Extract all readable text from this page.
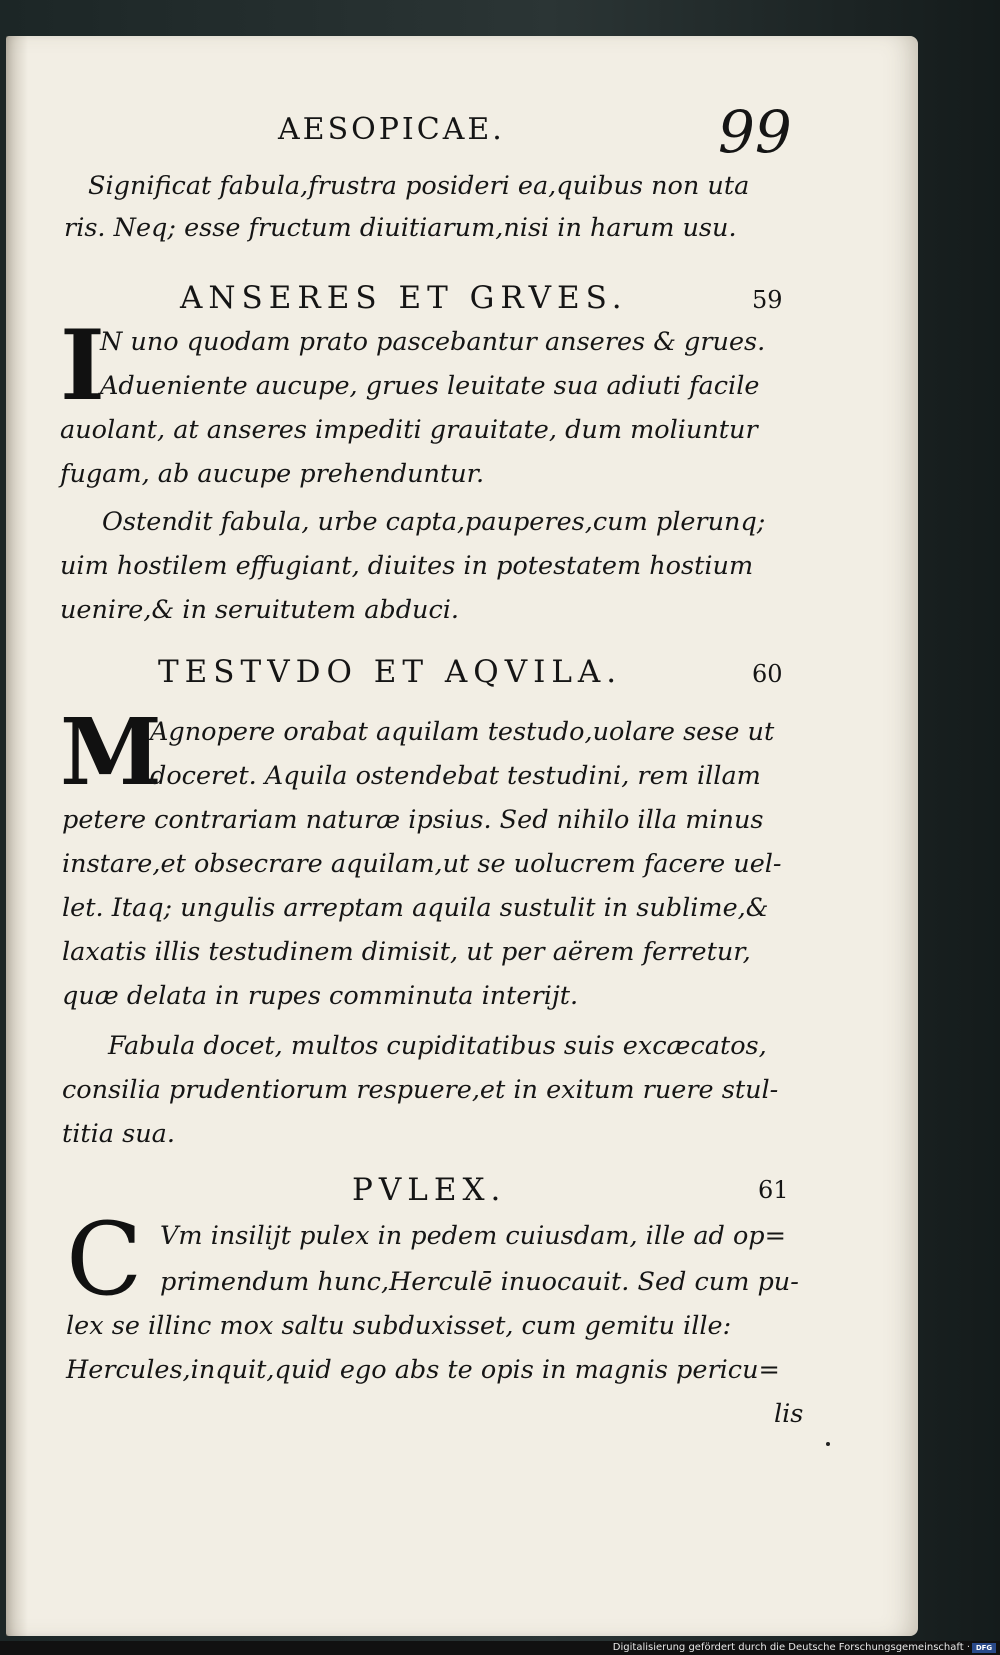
AESOPICAE.	99
Significat fabula,frustra posideri ea,quibus non uta
ris. Neq; esse fructum diuitiarum,nisi in harum usu.
ANSERES ET GRVES.	59
I
N uno quodam prato pascebantur anseres & grues.
Adueniente aucupe, grues leuitate sua adiuti facile
auolant, at anseres impediti grauitate, dum moliuntur
fugam, ab aucupe prehenduntur.
Ostendit fabula, urbe capta,pauperes,cum plerunq;
uim hostilem effugiant, diuites in potestatem hostium
uenire,& in seruitutem abduci.
TESTVDO ET AQVILA.	60
M
Agnopere orabat aquilam testudo,uolare sese ut
doceret. Aquila ostendebat testudini, rem illam
petere contrariam naturæ ipsius. Sed nihilo illa minus
instare,et obsecrare aquilam,ut se uolucrem facere uel-
let. Itaq; ungulis arreptam aquila sustulit in sublime,&
laxatis illis testudinem dimisit, ut per aërem ferretur,
quæ delata in rupes comminuta interijt.
Fabula docet, multos cupiditatibus suis excæcatos,
consilia prudentiorum respuere,et in exitum ruere stul-
titia sua.
PVLEX.	61
C Vm insilijt pulex in pedem cuiusdam, ille ad op=
primendum hunc,Herculē inuocauit. Sed cum pu-
lex se illinc mox saltu subduxisset, cum gemitu ille:
Hercules,inquit,quid ego abs te opis in magnis pericu=
lis
Digitalisierung gefördert durch die Deutsche Forschungsgemeinschaft · DFG
